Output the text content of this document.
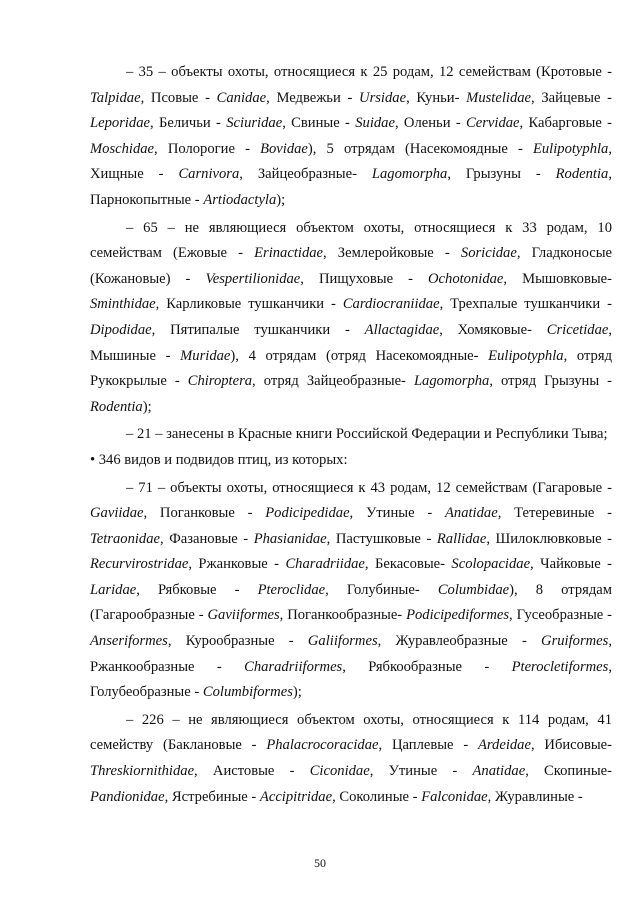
– 35 – объекты охоты, относящиеся к 25 родам, 12 семействам (Кротовые - Talpidae, Псовые - Canidae, Медвежьи - Ursidae, Куньи- Mustelidae, Зайцевые - Leporidae, Беличьи - Sciuridae, Свиные - Suidae, Оленьи - Cervidae, Кабарговые - Moschidae, Полорогие - Bovidae), 5 отрядам (Насекомоядные - Eulipotyphla, Хищные - Carnivora, Зайцеобразные- Lagomorpha, Грызуны - Rodentia, Парнокопытные - Artiodactyla);

– 65 – не являющиеся объектом охоты, относящиеся к 33 родам, 10 семействам (Ежовые - Erinactidae, Землеройковые - Soricidae, Гладконосые (Кожановые) - Vespertilionidae, Пищуховые - Ochotonidae, Мышовковые- Sminthidae, Карликовые тушканчики - Cardiocraniidae, Трехпалые тушканчики - Dipodidae, Пятипалые тушканчики - Allactagidae, Хомяковые- Cricetidae, Мышиные - Muridae), 4 отрядам (отряд Насекомоядные- Eulipotyphla, отряд Рукокрылые - Chiroptera, отряд Зайцеобразные- Lagomorpha, отряд Грызуны - Rodentia);

– 21 – занесены в Красные книги Российской Федерации и Республики Тыва;

• 346 видов и подвидов птиц, из которых:

– 71 – объекты охоты, относящиеся к 43 родам, 12 семействам (Гагаровые - Gaviidae, Поганковые - Podicipedidae, Утиные - Anatidae, Тетеревиные - Tetraonidae, Фазановые - Phasianidae, Пастушковые - Rallidae, Шилоклювковые - Recurvirostridae, Ржанковые - Charadriidae, Бекасовые- Scolopacidae, Чайковые - Laridae, Рябковые - Pteroclidae, Голубиные- Columbidae), 8 отрядам (Гагарообразные - Gaviiformes, Поганкообразные- Podicipediformes, Гусеобразные - Anseriformes, Курообразные - Galiiformes, Журавлеобразные - Gruiformes, Ржанкообразные - Charadriiformes, Рябкообразные - Pterocletiformes, Голубеобразные - Columbiformes);

– 226 – не являющиеся объектом охоты, относящиеся к 114 родам, 41 семейству (Баклановые - Phalacrocoracidae, Цаплевые - Ardeidae, Ибисовые- Threskiornithidae, Аистовые - Ciconidae, Утиные - Anatidae, Скопиные- Pandionidae, Ястребиные - Accipitridae, Соколиные - Falconidae, Журавлиные -

50
